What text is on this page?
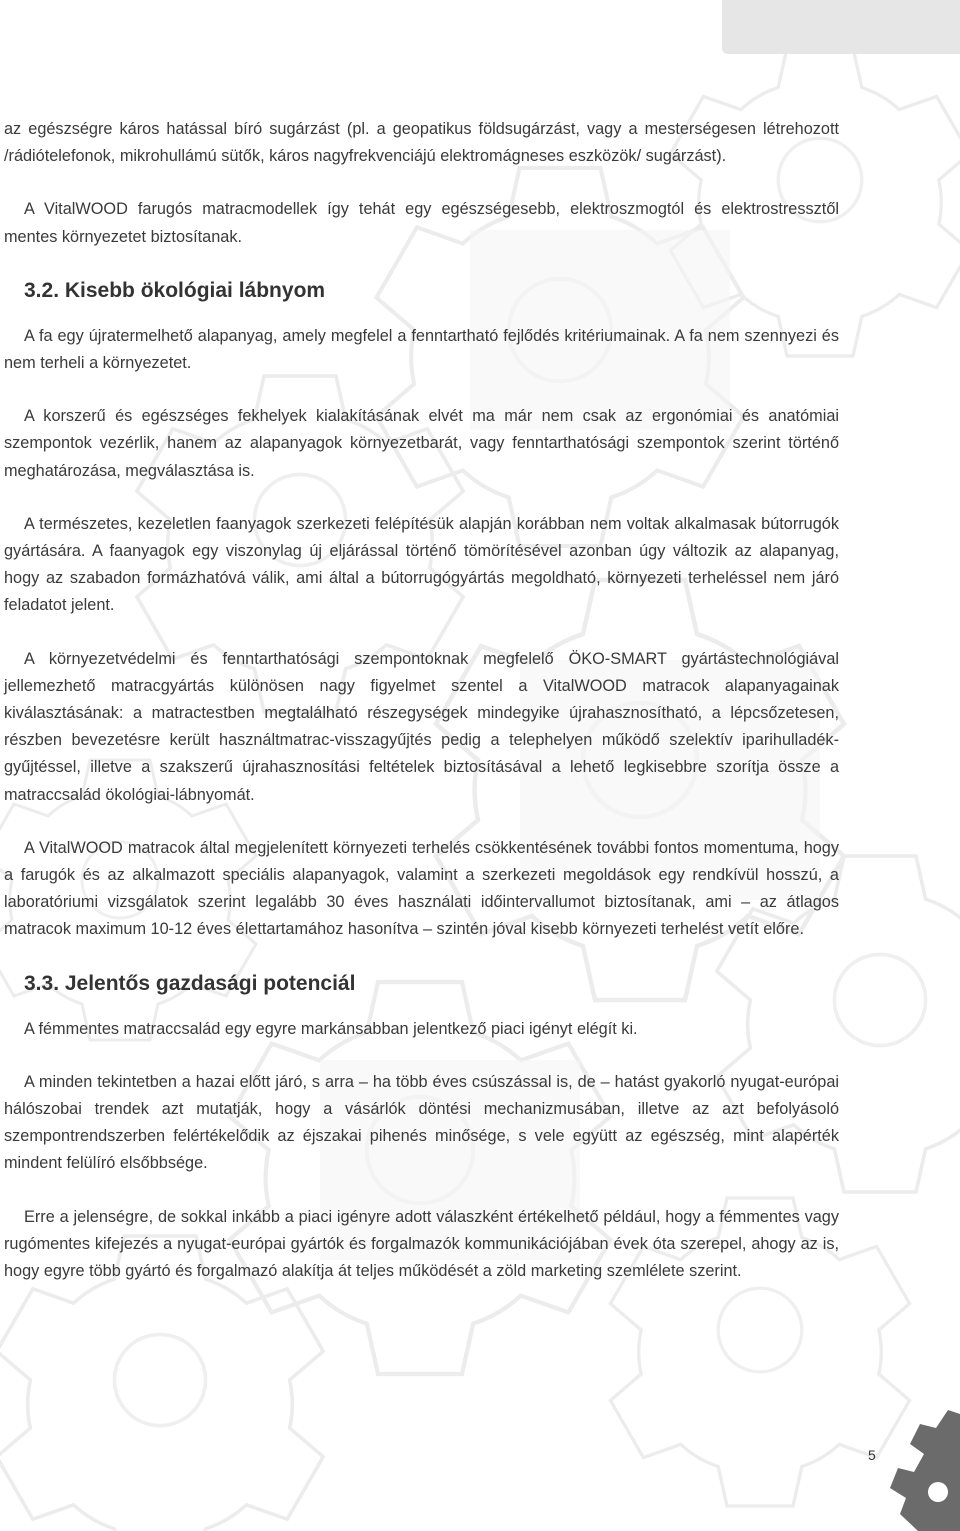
az egészségre káros hatással bíró sugárzást (pl. a geopatikus földsugárzást, vagy a mesterségesen létrehozott /rádiótelefonok, mikrohullámú sütők, káros nagyfrekvenciájú elektromágneses eszközök/ sugárzást).

A VitalWOOD farugós matracmodellek így tehát egy egészségesebb, elektroszmogtól és elektrostressztől mentes környezetet biztosítanak.

3.2. Kisebb ökológiai lábnyom

A fa egy újratermelhető alapanyag, amely megfelel a fenntartható fejlődés kritériumainak. A fa nem szennyezi és nem terheli a környezetet.

A korszerű és egészséges fekhelyek kialakításának elvét ma már nem csak az ergonómiai és anatómiai szempontok vezérlik, hanem az alapanyagok környezetbarát, vagy fenntarthatósági szempontok szerint történő meghatározása, megválasztása is.

A természetes, kezeletlen faanyagok szerkezeti felépítésük alapján korábban nem voltak alkalmasak bútorrugók gyártására. A faanyagok egy viszonylag új eljárással történő tömörítésével azonban úgy változik az alapanyag, hogy az szabadon formázhatóvá válik, ami által a bútorrugógyártás megoldható, környezeti terheléssel nem járó feladatot jelent.

A környezetvédelmi és fenntarthatósági szempontoknak megfelelő ÖKO-SMART gyártástechnológiával jellemezhető matracgyártás különösen nagy figyelmet szentel a VitalWOOD matracok alapanyagainak kiválasztásának: a matractestben megtalálható részegységek mindegyike újrahasznosítható, a lépcsőzetesen, részben bevezetésre került használtmatrac-visszagyűjtés pedig a telephelyen működő szelektív iparihulladék-gyűjtéssel, illetve a szakszerű újrahasznosítási feltételek biztosításával a lehető legkisebbre szorítja össze a matraccsalád ökológiai-lábnyomát.

A VitalWOOD matracok által megjelenített környezeti terhelés csökkentésének további fontos momentuma, hogy a farugók és az alkalmazott speciális alapanyagok, valamint a szerkezeti megoldások egy rendkívül hosszú, a laboratóriumi vizsgálatok szerint legalább 30 éves használati időintervallumot biztosítanak, ami – az átlagos matracok maximum 10-12 éves élettartamához hasonítva – szintén jóval kisebb környezeti terhelést vetít előre.

3.3. Jelentős gazdasági potenciál

A fémmentes matraccsalád egy egyre markánsabban jelentkező piaci igényt elégít ki.

A minden tekintetben a hazai előtt járó, s arra – ha több éves csúszással is, de – hatást gyakorló nyugat-európai hálószobai trendek azt mutatják, hogy a vásárlók döntési mechanizmusában, illetve az azt befolyásoló szempontrendszerben felértékelődik az éjszakai pihenés minősége, s vele együtt az egészség, mint alapérték mindent felülíró elsőbbsége.

Erre a jelenségre, de sokkal inkább a piaci igényre adott válaszként értékelhető például, hogy a fémmentes vagy rugómentes kifejezés a nyugat-európai gyártók és forgalmazók kommunikációjában évek óta szerepel, ahogy az is, hogy egyre több gyártó és forgalmazó alakítja át teljes működését a zöld marketing szemlélete szerint.

5
